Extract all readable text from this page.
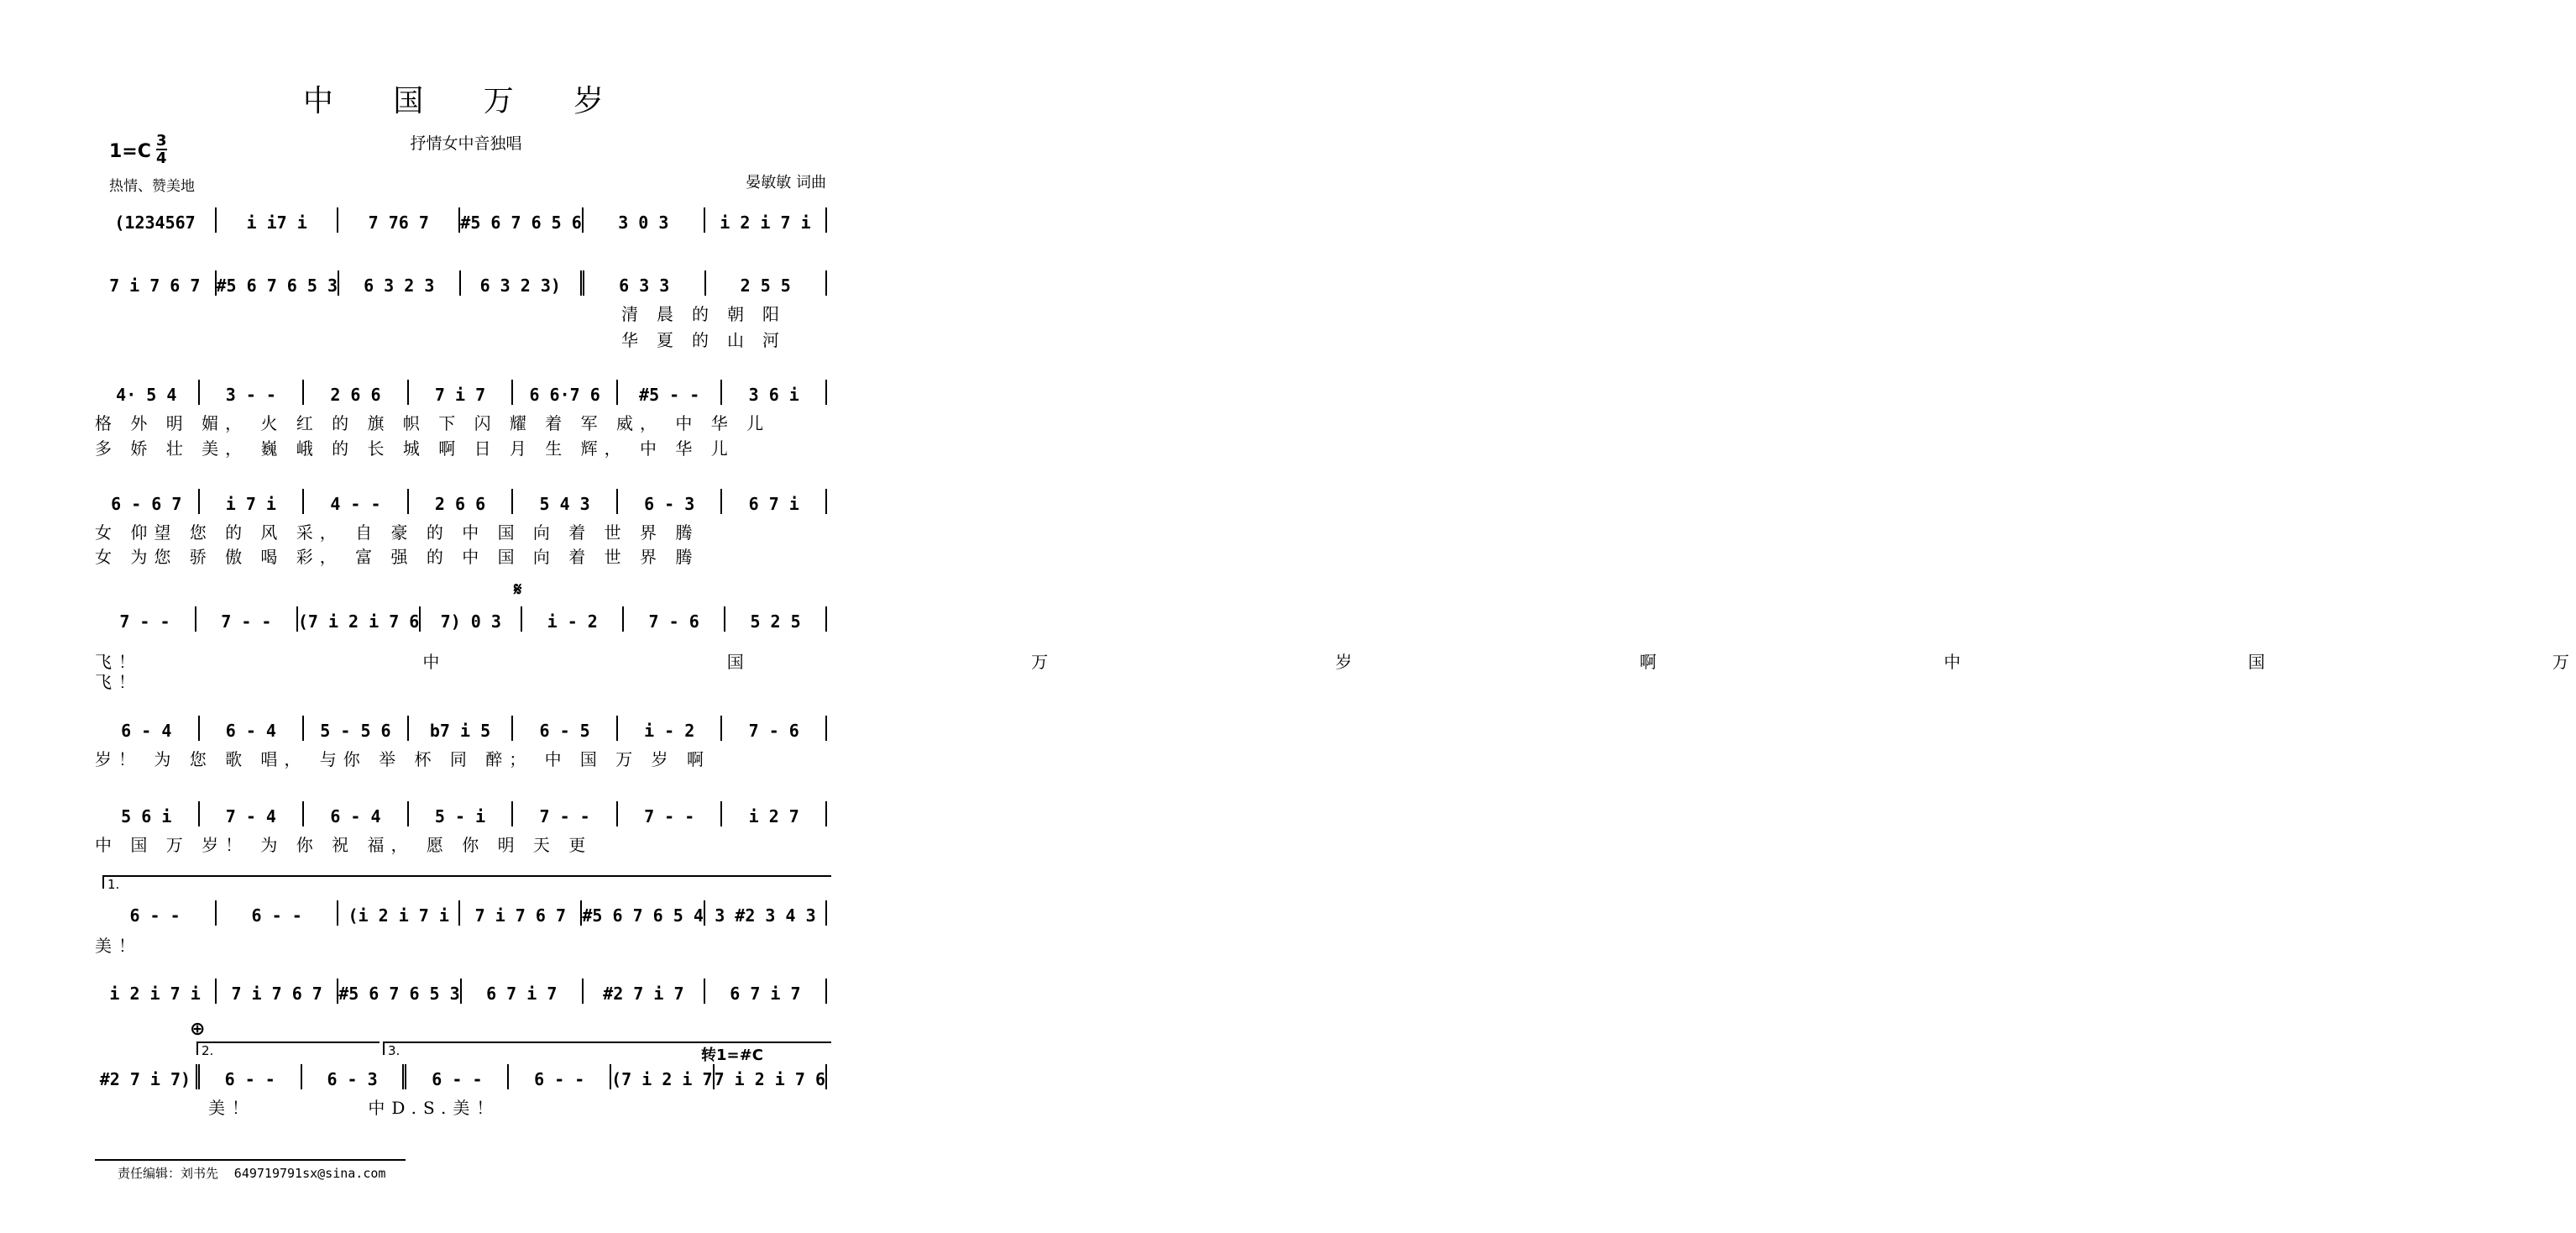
中 国 万 岁
抒情女中音独唱
1=C
3
4
热情、赞美地	晏敏敏 词曲
(1234567	i i7 i	7 76 7	#5 6 7 6 5 6	3 0 3	i 2 i 7 i
7 i 7 6 7 #5 6 7 6 5 3	6 3 2 3	6 3 2 3)	6 3 3	2 5 5
清晨的朝阳
华夏的山河
4· 5 4	3 - -	2 6 6	7 i 7	6 6·7 6	#5 - -	3 6 i
格 外 明 媚， 火 红 的 旗 帜 下 闪 耀 着 军 威， 中 华 儿
多 娇 壮 美， 巍 峨 的 长 城 啊 日 月 生 辉， 中 华 儿
6 - 6 7	i 7 i	4 - -	2 6 6	5 4 3	6 - 3	6 7 i
女 仰望 您 的 风 采， 自 豪 的 中 国 向 着 世 界 腾
女 为您 骄 傲 喝 彩， 富 强 的 中 国 向 着 世 界 腾
𝄋
7 - -	7 - -	(7 i 2 i 7 6	7) 0 3	i - 2	7 - 6	5 2 5
飞！ 中 国 万 岁 啊 中 国 万
飞！
6 - 4	6 - 4	5 - 5 6	b7 i 5	6 - 5	i - 2	7 - 6
岁！ 为 您 歌 唱， 与你 举 杯 同 醉； 中 国 万 岁 啊
5 6 i	7 - 4	6 - 4	5 - i	7 - -	7 - -	i 2 7
中 国 万 岁！ 为 你 祝 福， 愿 你 明 天 更
1.
6 - -	6 - -	(i 2 i 7 i	7 i 7 6 7 #5 6 7 6 5 4 3 #2 3 4 3
美！
i 2 i 7 i	7 i 7 6 7 #5 6 7 6 5 3	6 7 i 7	#2 7 i 7	6 7 i 7
⊕
2.	3.	转1=#C
#2 7 i 7)	6 - -	6 - 3	6 - -	6 - -	(7 i 2 i 7 7 i 2 i 7 6
美！ 中D.S.美！
责任编辑：刘书先 649719791sx@sina.com
